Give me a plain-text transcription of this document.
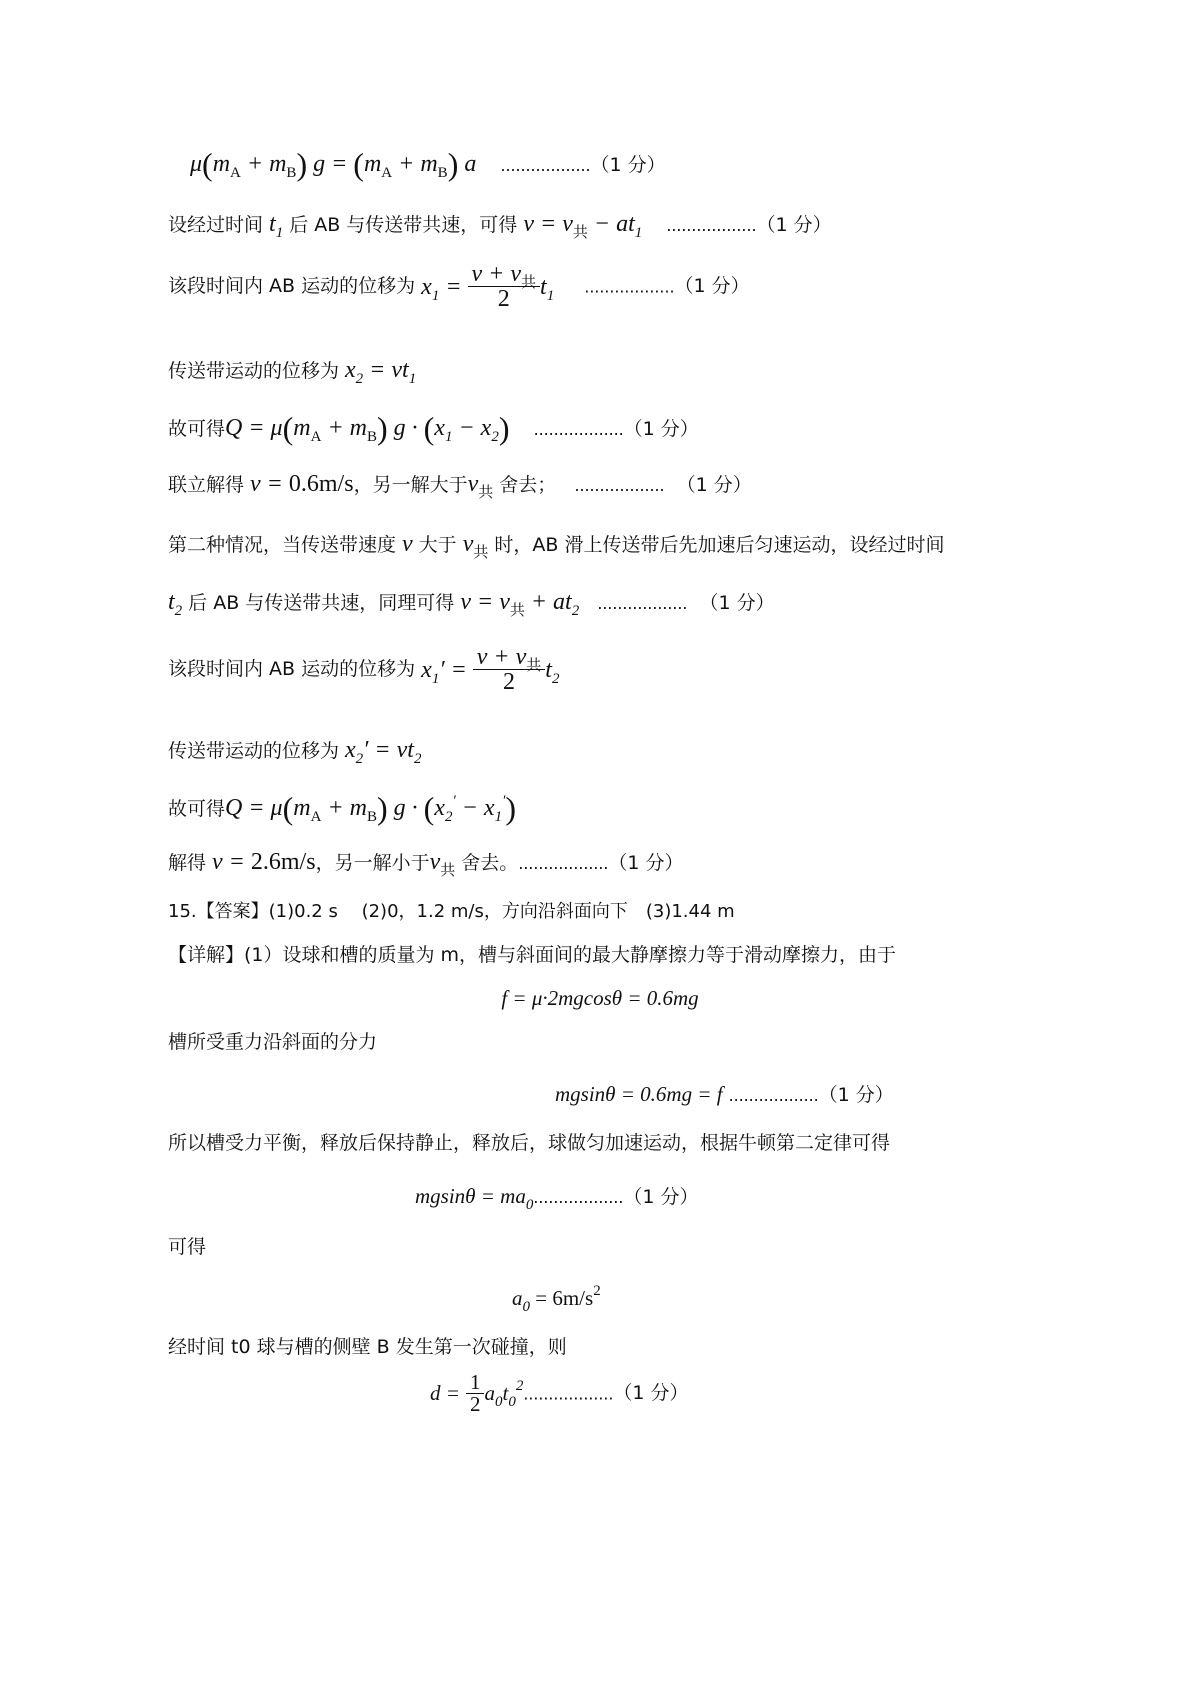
$\mu(m_A + m_B) g = (m_A + m_B)$ a ..................（1 分）
设经过时间 $t_1$ 后 AB 与传送带共速，可得 $v = v_共 - at_1$ ..................（1 分）
该段时间内 AB 运动的位移为 $x_1 = \frac{v + v_共}{2} t_1$ ..................（1 分）
传送带运动的位移为 $x_2 = vt_1$
故可得$Q = \mu(m_A + m_B) g \cdot (x_1 - x_2)$ ..................（1 分）
联立解得 v = 0.6m/s，另一解大于$v_共$ 舍去； .................. （1 分）
第二种情况，当传送带速度 v 大于 $v_共$ 时，AB 滑上传送带后先加速后匀速运动，设经过时间
$t_2$ 后 AB 与传送带共速，同理可得 $v = v_共 + at_2$ .................. （1 分）
该段时间内 AB 运动的位移为 $x_1' = \frac{v + v_共}{2} t_2$
传送带运动的位移为 $x_2' = vt_2$
故可得$Q = \mu(m_A + m_B) g \cdot (x_2' - x_1')$
解得 v = 2.6m/s，另一解小于$v_共$ 舍去。..................（1 分）
15.【答案】(1)0.2 s　 (2)0，1.2 m/s，方向沿斜面向下　(3)1.44 m
【详解】(1）设球和槽的质量为 m，槽与斜面间的最大静摩擦力等于滑动摩擦力，由于
f = μ·2mgcosθ = 0.6mg
槽所受重力沿斜面的分力
mgsinθ = 0.6mg = f ..................（1 分）
所以槽受力平衡，释放后保持静止，释放后，球做匀加速运动，根据牛顿第二定律可得
$mgsin\theta = ma_0..................(1$ 分）
可得
$a_0 = 6m/s^2$
经时间 t0 球与槽的侧壁 B 发生第一次碰撞，则
$d = \frac{1}{2} a_0t_0^2..................(1$ 分）
